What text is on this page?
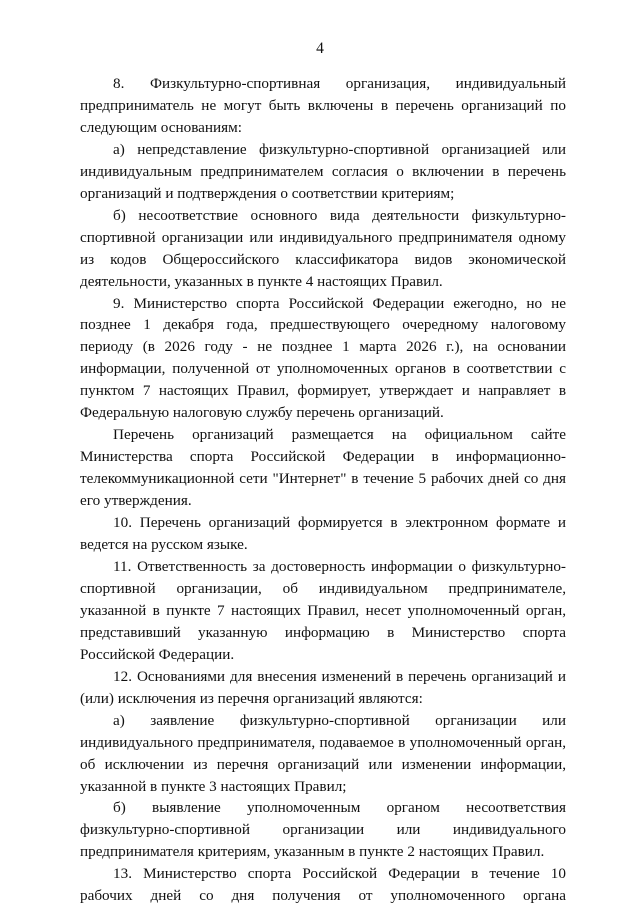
4

8. Физкультурно-спортивная организация, индивидуальный предприниматель не могут быть включены в перечень организаций по следующим основаниям:

а) непредставление физкультурно-спортивной организацией или индивидуальным предпринимателем согласия о включении в перечень организаций и подтверждения о соответствии критериям;

б) несоответствие основного вида деятельности физкультурно-спортивной организации или индивидуального предпринимателя одному из кодов Общероссийского классификатора видов экономической деятельности, указанных в пункте 4 настоящих Правил.

9. Министерство спорта Российской Федерации ежегодно, но не позднее 1 декабря года, предшествующего очередному налоговому периоду (в 2026 году - не позднее 1 марта 2026 г.), на основании информации, полученной от уполномоченных органов в соответствии с пунктом 7 настоящих Правил, формирует, утверждает и направляет в Федеральную налоговую службу перечень организаций.

Перечень организаций размещается на официальном сайте Министерства спорта Российской Федерации в информационно-телекоммуникационной сети "Интернет" в течение 5 рабочих дней со дня его утверждения.

10. Перечень организаций формируется в электронном формате и ведется на русском языке.

11. Ответственность за достоверность информации о физкультурно-спортивной организации, об индивидуальном предпринимателе, указанной в пункте 7 настоящих Правил, несет уполномоченный орган, представивший указанную информацию в Министерство спорта Российской Федерации.

12. Основаниями для внесения изменений в перечень организаций и (или) исключения из перечня организаций являются:

а) заявление физкультурно-спортивной организации или индивидуального предпринимателя, подаваемое в уполномоченный орган, об исключении из перечня организаций или изменении информации, указанной в пункте 3 настоящих Правил;

б) выявление уполномоченным органом несоответствия физкультурно-спортивной организации или индивидуального предпринимателя критериям, указанным в пункте 2 настоящих Правил.

13. Министерство спорта Российской Федерации в течение 10 рабочих дней со дня получения от уполномоченного органа
